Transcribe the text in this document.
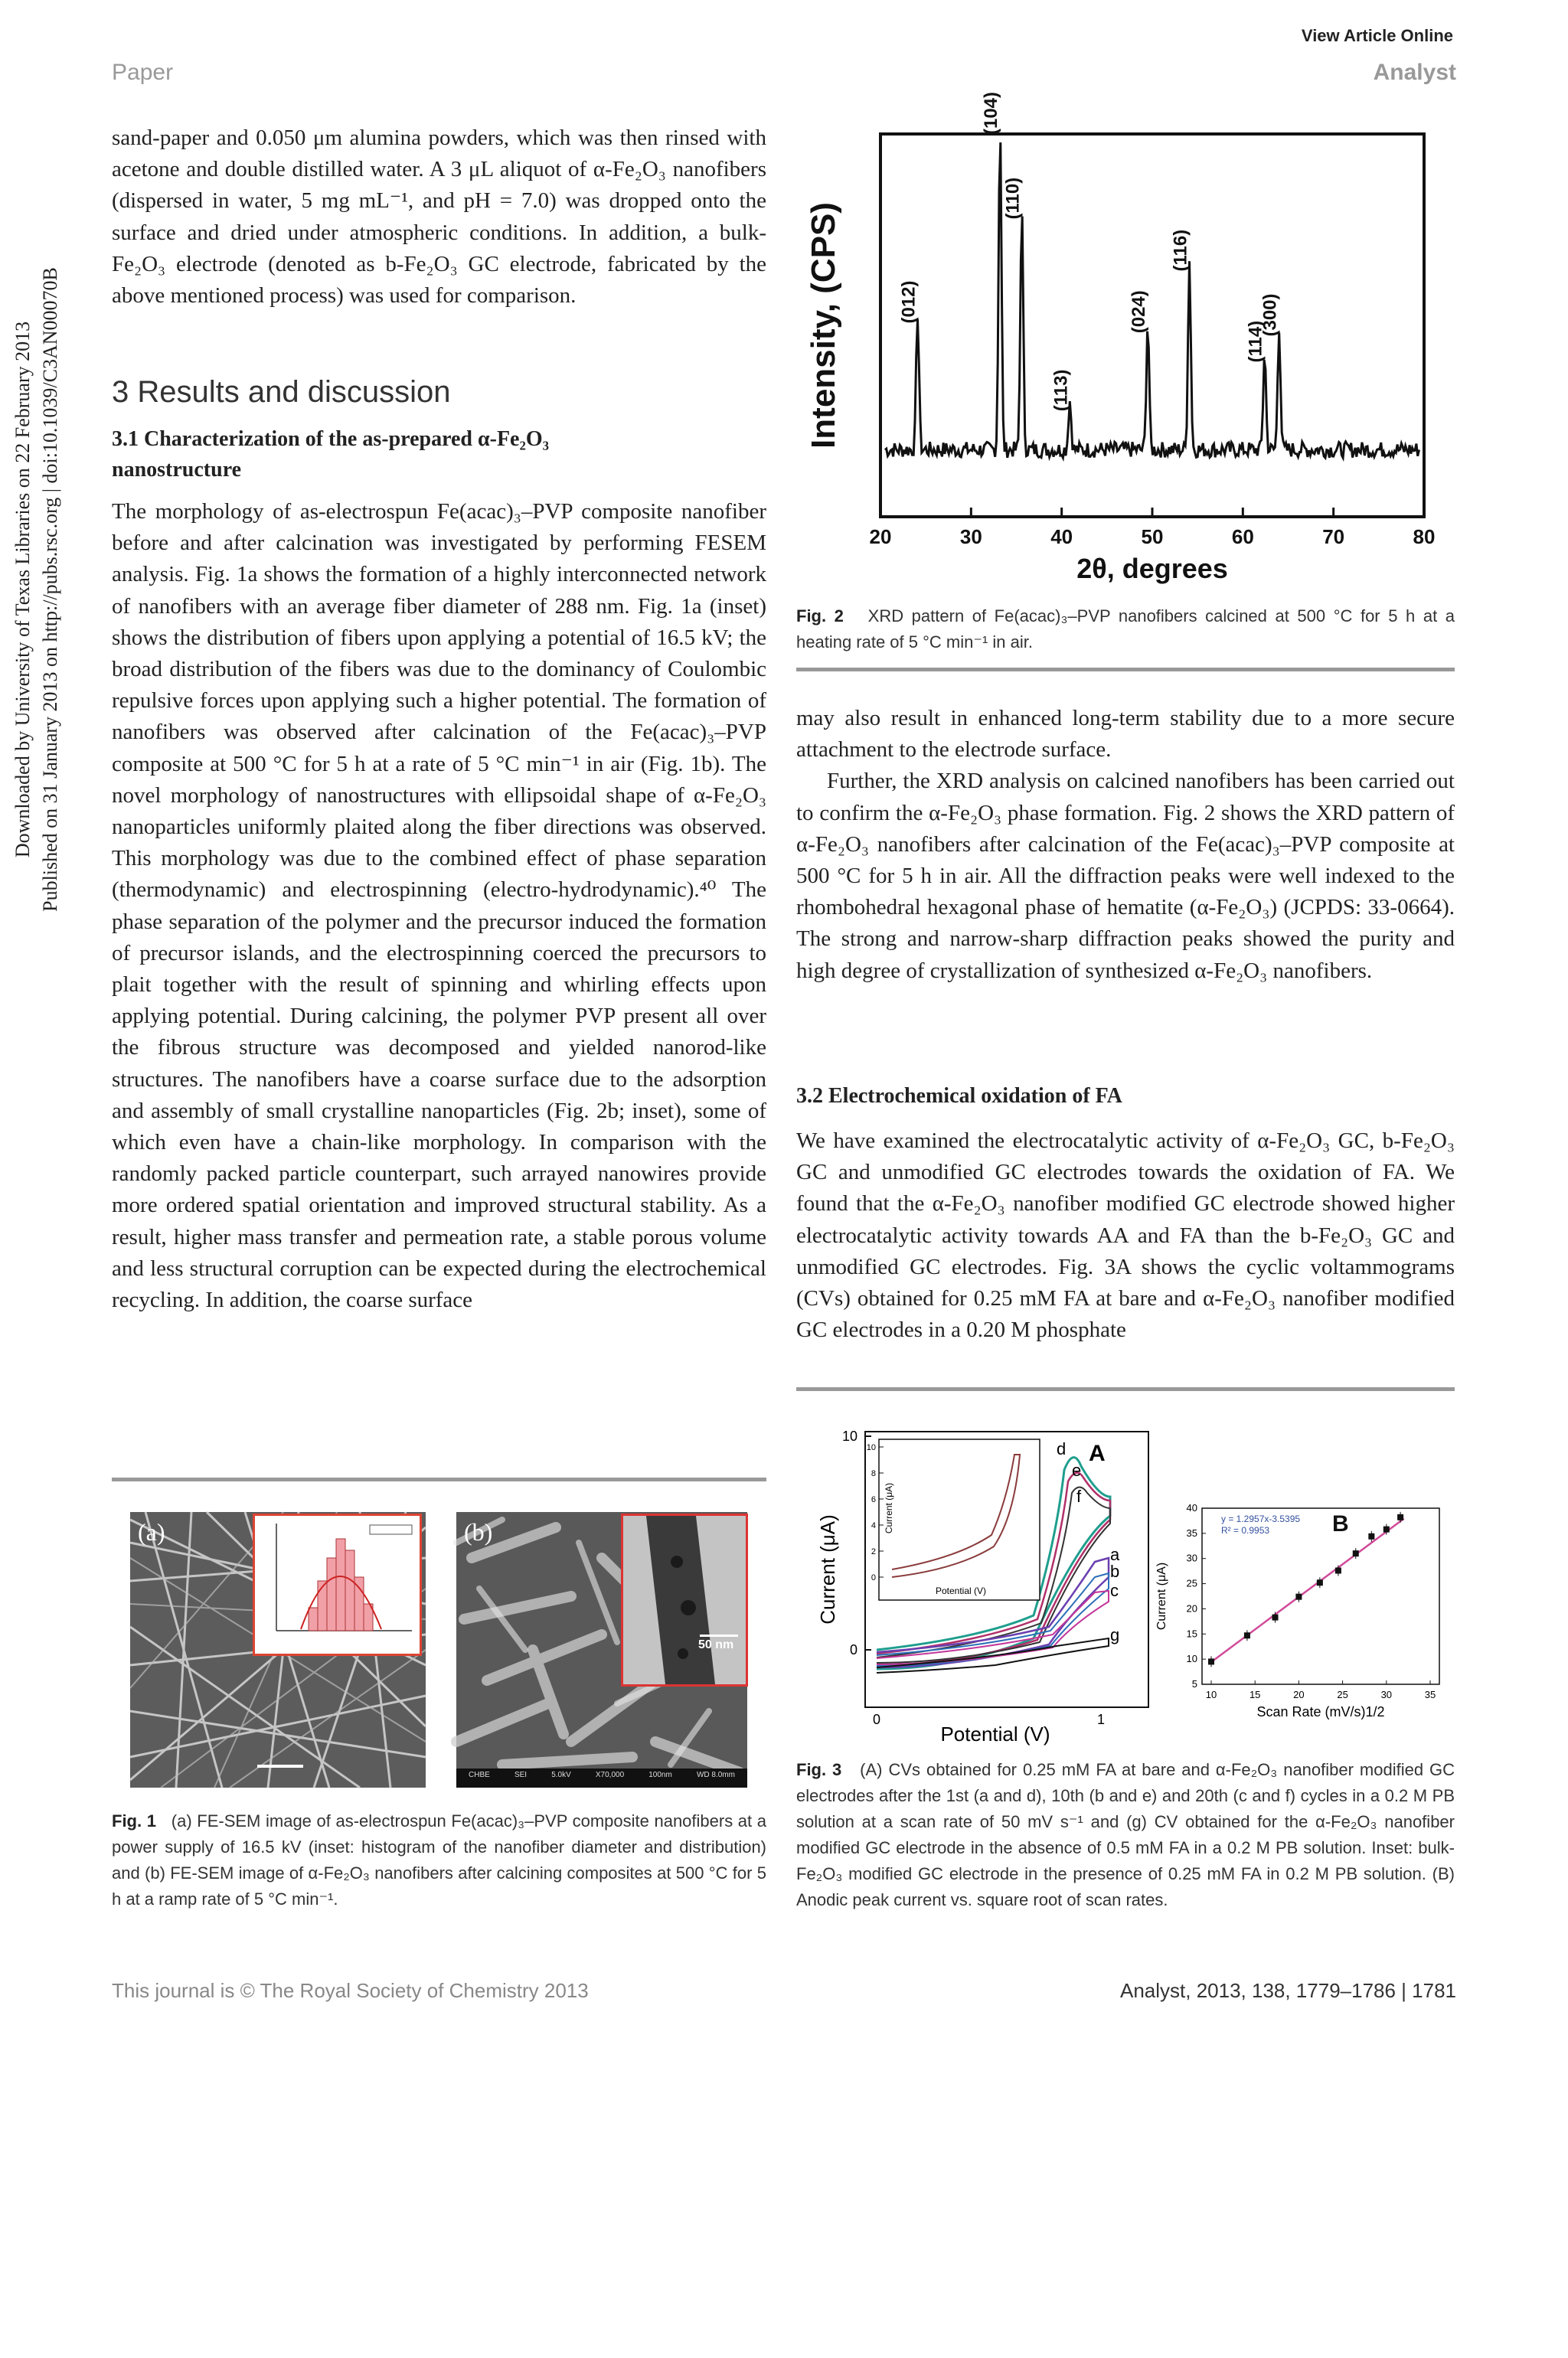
View Article Online
Paper	Analyst
Downloaded by University of Texas Libraries on 22 February 2013 Published on 31 January 2013 on http://pubs.rsc.org | doi:10.1039/C3AN00070B

sand-paper and 0.050 μm alumina powders, which was then rinsed with acetone and double distilled water. A 3 μL aliquot of α-Fe₂O₃ nanofibers (dispersed in water, 5 mg mL⁻¹, and pH = 7.0) was dropped onto the surface and dried under atmospheric conditions. In addition, a bulk-Fe₂O₃ electrode (denoted as b-Fe₂O₃ GC electrode, fabricated by the above mentioned process) was used for comparison.

3 Results and discussion
3.1 Characterization of the as-prepared α-Fe₂O₃ nanostructure

The morphology of as-electrospun Fe(acac)₃–PVP composite nanofiber before and after calcination was investigated by performing FESEM analysis. Fig. 1a shows the formation of a highly interconnected network of nanofibers with an average fiber diameter of 288 nm. Fig. 1a (inset) shows the distribution of fibers upon applying a potential of 16.5 kV; the broad distribution of the fibers was due to the dominancy of Coulombic repulsive forces upon applying such a higher potential. The formation of nanofibers was observed after calcination of the Fe(acac)₃–PVP composite at 500 °C for 5 h at a rate of 5 °C min⁻¹ in air (Fig. 1b). The novel morphology of nanostructures with ellipsoidal shape of α-Fe₂O₃ nanoparticles uniformly plaited along the fiber directions was observed. This morphology was due to the combined effect of phase separation (thermodynamic) and electrospinning (electro-hydrodynamic).⁴⁰ The phase separation of the polymer and the precursor induced the formation of precursor islands, and the electrospinning coerced the precursors to plait together with the result of spinning and whirling effects upon applying potential. During calcining, the polymer PVP present all over the fibrous structure was decomposed and yielded nanorod-like structures. The nanofibers have a coarse surface due to the adsorption and assembly of small crystalline nanoparticles (Fig. 2b; inset), some of which even have a chain-like morphology. In comparison with the randomly packed particle counterpart, such arrayed nanowires provide more ordered spatial orientation and improved structural stability. As a result, higher mass transfer and permeation rate, a stable porous volume and less structural corruption can be expected during the electrochemical recycling. In addition, the coarse surface

(a)	(b)
50 nm
CHBE	SEI	5.0kV	X70,000	100nm	WD 8.0mm
Fig. 1 (a) FE-SEM image of as-electrospun Fe(acac)₃–PVP composite nanofibers at a power supply of 16.5 kV (inset: histogram of the nanofiber diameter and distribution) and (b) FE-SEM image of α-Fe₂O₃ nanofibers after calcining composites at 500 °C for 5 h at a ramp rate of 5 °C min⁻¹.
20	30	40	50	60	70	80
(012)
(104)
(110)
(113)
(024)
(116)
(114)
(300)
Intensity, (CPS)
2θ, degrees
Fig. 2 XRD pattern of Fe(acac)₃–PVP nanofibers calcined at 500 °C for 5 h at a heating rate of 5 °C min⁻¹ in air.

may also result in enhanced long-term stability due to a more secure attachment to the electrode surface.

Further, the XRD analysis on calcined nanofibers has been carried out to confirm the α-Fe₂O₃ phase formation. Fig. 2 shows the XRD pattern of α-Fe₂O₃ nanofibers after calcination of the Fe(acac)₃–PVP composite at 500 °C for 5 h in air. All the diffraction peaks were well indexed to the rhombohedral hexagonal phase of hematite (α-Fe₂O₃) (JCPDS: 33-0664). The strong and narrow-sharp diffraction peaks showed the purity and high degree of crystallization of synthesized α-Fe₂O₃ nanofibers.

3.2 Electrochemical oxidation of FA

We have examined the electrocatalytic activity of α-Fe₂O₃ GC, b-Fe₂O₃ GC and unmodified GC electrodes towards the oxidation of FA. We found that the α-Fe₂O₃ nanofiber modified GC electrode showed higher electrocatalytic activity towards AA and FA than the b-Fe₂O₃ GC and unmodified GC electrodes. Fig. 3A shows the cyclic voltammograms (CVs) obtained for 0.25 mM FA at bare and α-Fe₂O₃ nanofiber modified GC electrodes in a 0.20 M phosphate

10
0
0	1
Current (μA)
Potential (V)
A
d
e
f
a
b
c
g
0
2
4
6
8
10
Current (μA)
Potential (V)
10	15	20	25	30	35
5
10
15
20
25
30
35
40
y = 1.2957x-3.5395
R² = 0.9953	B
Current (μA)
Scan Rate (mV/s)1/2
Fig. 3 (A) CVs obtained for 0.25 mM FA at bare and α-Fe₂O₃ nanofiber modified GC electrodes after the 1st (a and d), 10th (b and e) and 20th (c and f) cycles in a 0.2 M PB solution at a scan rate of 50 mV s⁻¹ and (g) CV obtained for the α-Fe₂O₃ nanofiber modified GC electrode in the absence of 0.5 mM FA in a 0.2 M PB solution. Inset: bulk-Fe₂O₃ modified GC electrode in the presence of 0.25 mM FA in 0.2 M PB solution. (B) Anodic peak current vs. square root of scan rates.
This journal is © The Royal Society of Chemistry 2013	Analyst, 2013, 138, 1779–1786 | 1781
